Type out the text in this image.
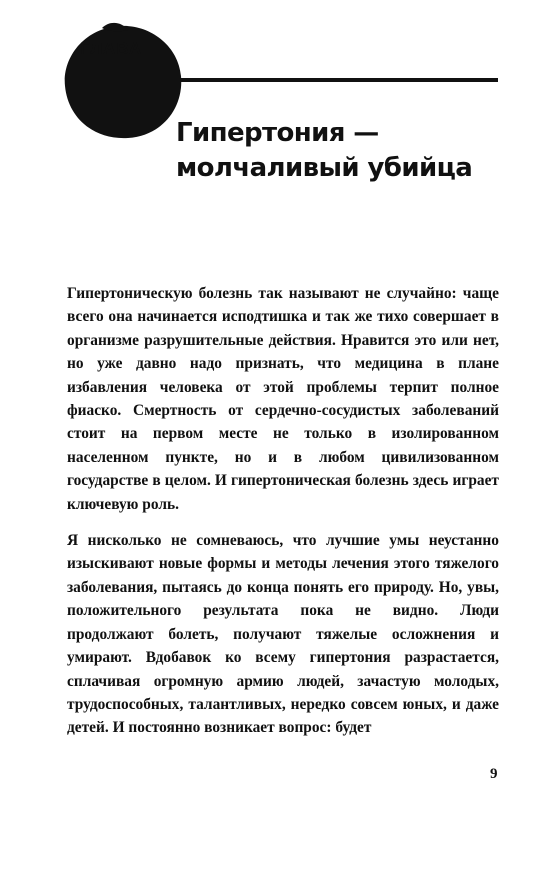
ГЛАВА
Гипертония —
молчаливый убийца

Гипертоническую болезнь так называют не случайно: чаще всего она начинается исподтишка и так же тихо совершает в организме разрушительные действия. Нравится это или нет, но уже давно надо признать, что медицина в плане избавления человека от этой проблемы терпит полное фиаско. Смертность от сердечно-сосудистых заболеваний стоит на первом месте не только в изолированном населенном пункте, но и в любом цивилизованном государстве в целом. И гипертоническая болезнь здесь играет ключевую роль.

Я нисколько не сомневаюсь, что лучшие умы неустанно изыскивают новые формы и методы лечения этого тяжелого заболевания, пытаясь до конца понять его природу. Но, увы, положительного результата пока не видно. Люди продолжают болеть, получают тяжелые осложнения и умирают. Вдобавок ко всему гипертония разрастается, сплачивая огромную армию людей, зачастую молодых, трудоспособных, талантливых, нередко совсем юных, и даже детей. И постоянно возникает вопрос: будет

9
